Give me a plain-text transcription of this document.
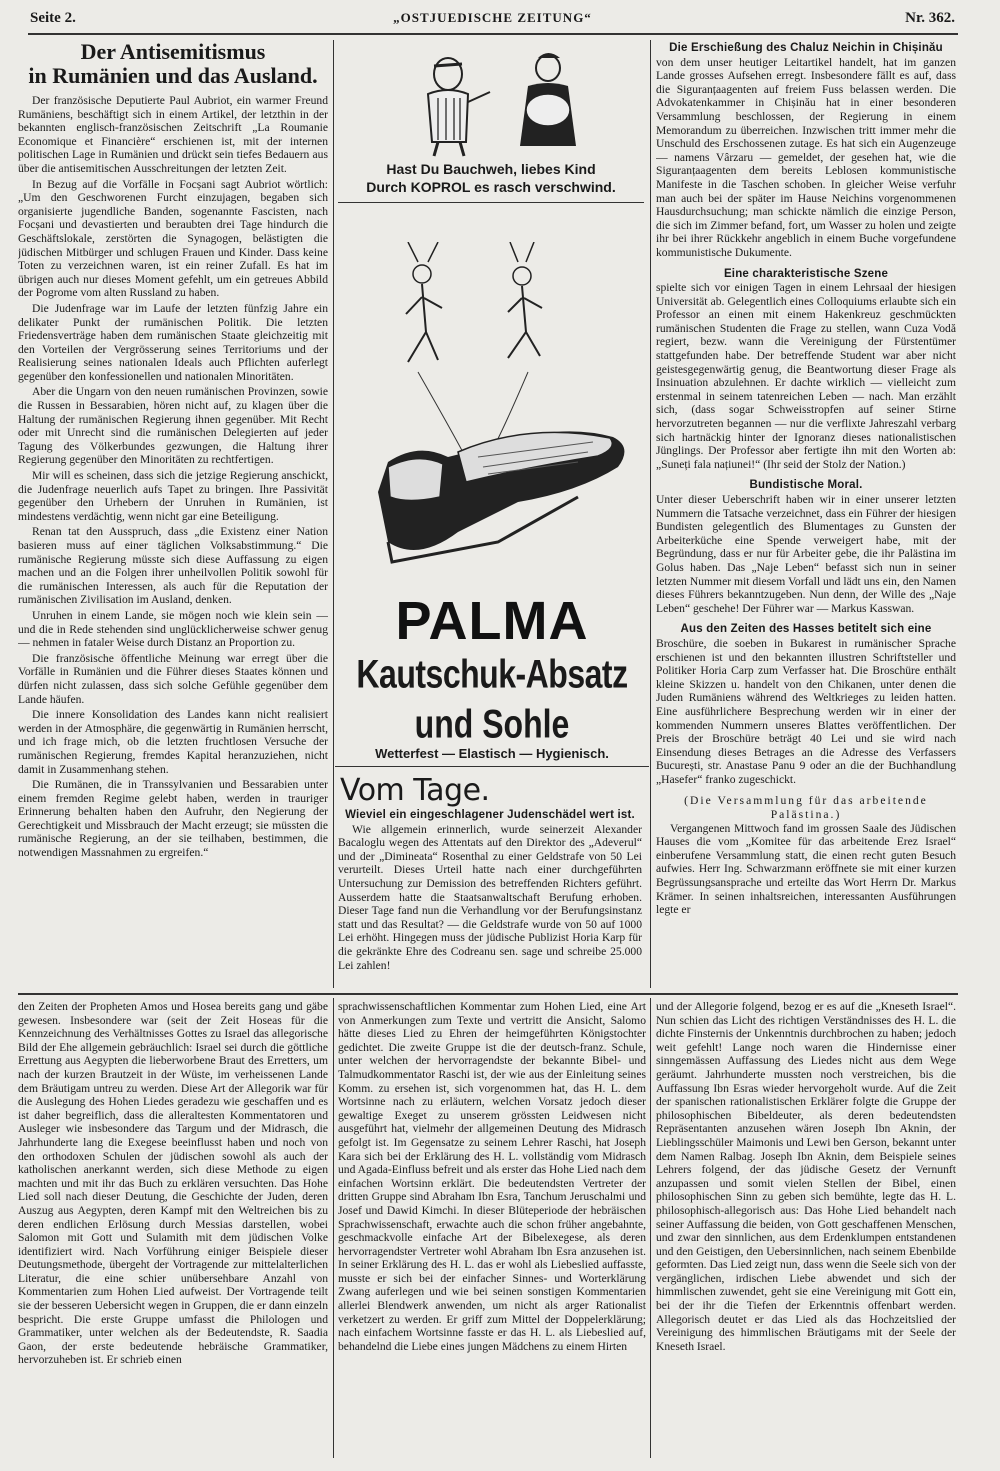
Seite 2.	„OSTJUEDISCHE ZEITUNG“	Nr. 362.
Der Antisemitismus
in Rumänien und das Ausland.

Der französische Deputierte Paul Aubriot, ein warmer Freund Rumäniens, beschäftigt sich in einem Artikel, der letzthin in der bekannten englisch-französischen Zeitschrift „La Roumanie Economique et Financière“ erschienen ist, mit der internen politischen Lage in Rumänien und drückt sein tiefes Bedauern aus über die antisemitischen Ausschreitungen der letzten Zeit.

In Bezug auf die Vorfälle in Focșani sagt Aubriot wörtlich: „Um den Geschworenen Furcht einzujagen, begaben sich organisierte jugendliche Banden, sogenannte Fascisten, nach Focșani und devastierten und beraubten drei Tage hindurch die Geschäftslokale, zerstörten die Synagogen, belästigten die jüdischen Mitbürger und schlugen Frauen und Kinder. Dass keine Toten zu verzeichnen waren, ist ein reiner Zufall. Es hat im übrigen auch nur dieses Moment gefehlt, um ein getreues Abbild der Pogrome vom alten Russland zu haben.

Die Judenfrage war im Laufe der letzten fünfzig Jahre ein delikater Punkt der rumänischen Politik. Die letzten Friedensverträge haben dem rumänischen Staate gleichzeitig mit den Vorteilen der Vergrösserung seines Territoriums und der Realisierung seines nationalen Ideals auch Pflichten auferlegt gegenüber den konfessionellen und nationalen Minoritäten.

Aber die Ungarn von den neuen rumänischen Provinzen, sowie die Russen in Bessarabien, hören nicht auf, zu klagen über die Haltung der rumänischen Regierung ihnen gegenüber. Mit Recht oder mit Unrecht sind die rumänischen Delegierten auf jeder Tagung des Völkerbundes gezwungen, die Haltung ihrer Regierung gegenüber den Minoritäten zu rechtfertigen.

Mir will es scheinen, dass sich die jetzige Regierung anschickt, die Judenfrage neuerlich aufs Tapet zu bringen. Ihre Passivität gegenüber den Urhebern der Unruhen in Rumänien, ist mindestens verdächtig, wenn nicht gar eine Beteiligung.

Renan tat den Ausspruch, dass „die Existenz einer Nation basieren muss auf einer täglichen Volksabstimmung.“ Die rumänische Regierung müsste sich diese Auffassung zu eigen machen und an die Folgen ihrer unheilvollen Politik sowohl für die rumänischen Interessen, als auch für die Reputation der rumänischen Zivilisation im Ausland, denken.

Unruhen in einem Lande, sie mögen noch wie klein sein — und die in Rede stehenden sind unglücklicherweise schwer genug — nehmen in fataler Weise durch Distanz an Proportion zu.

Die französische öffentliche Meinung war erregt über die Vorfälle in Rumänien und die Führer dieses Staates können und dürfen nicht zulassen, dass sich solche Gefühle gegenüber dem Lande häufen.

Die innere Konsolidation des Landes kann nicht realisiert werden in der Atmosphäre, die gegenwärtig in Rumänien herrscht, und ich frage mich, ob die letzten fruchtlosen Versuche der rumänischen Regierung, fremdes Kapital heranzuziehen, nicht damit in Zusammenhang stehen.

Die Rumänen, die in Transsylvanien und Bessarabien unter einem fremden Regime gelebt haben, werden in trauriger Erinnerung behalten haben den Aufruhr, den Negierung der Gerechtigkeit und Missbrauch der Macht erzeugt; sie müssten die rumänische Regierung, an der sie teilhaben, bestimmen, die notwendigen Massnahmen zu ergreifen.“

Hast Du Bauchweh, liebes Kind
Durch KOPROL es rasch verschwind.
PALMA
Kautschuk-Absatz
und Sohle
Wetterfest — Elastisch — Hygienisch.
Vom Tage.
Wieviel ein eingeschlagener Judenschädel wert ist.

Wie allgemein erinnerlich, wurde seinerzeit Alexander Bacaloglu wegen des Attentats auf den Direktor des „Adeverul“ und der „Dimineata“ Rosenthal zu einer Geldstrafe von 50 Lei verurteilt. Dieses Urteil hatte nach einer durchgeführten Untersuchung zur Demission des betreffenden Richters geführt. Ausserdem hatte die Staatsanwaltschaft Berufung erhoben. Dieser Tage fand nun die Verhandlung vor der Berufungsinstanz statt und das Resultat? — die Geldstrafe wurde von 50 auf 1000 Lei erhöht. Hingegen muss der jüdische Publizist Horia Karp für die gekränkte Ehre des Codreanu sen. sage und schreibe 25.000 Lei zahlen!

Die Erschießung des Chaluz Neichin in Chișinău

von dem unser heutiger Leitartikel handelt, hat im ganzen Lande grosses Aufsehen erregt. Insbesondere fällt es auf, dass die Siguranțaagenten auf freiem Fuss belassen werden. Die Advokatenkammer in Chișinău hat in einer besonderen Versammlung beschlossen, der Regierung in einem Memorandum zu überreichen. Inzwischen tritt immer mehr die Unschuld des Erschossenen zutage. Es hat sich ein Augenzeuge — namens Vârzaru — gemeldet, der gesehen hat, wie die Siguranțaagenten dem bereits Leblosen kommunistische Manifeste in die Taschen schoben. In gleicher Weise verfuhr man auch bei der später im Hause Neichins vorgenommenen Hausdurchsuchung; man schickte nämlich die einzige Person, die sich im Zimmer befand, fort, um Wasser zu holen und zeigte ihr bei ihrer Rückkehr angeblich in einem Buche vorgefundene kommunistische Dukumente.

Eine charakteristische Szene

spielte sich vor einigen Tagen in einem Lehrsaal der hiesigen Universität ab. Gelegentlich eines Colloquiums erlaubte sich ein Professor an einen mit einem Hakenkreuz geschmückten rumänischen Studenten die Frage zu stellen, wann Cuza Vodă regiert, bezw. wann die Vereinigung der Fürstentümer stattgefunden habe. Der betreffende Student war aber nicht geistesgegenwärtig genug, die Beantwortung dieser Frage als Insinuation abzulehnen. Er dachte wirklich — vielleicht zum erstenmal in seinem tatenreichen Leben — nach. Man erzählt sich, (dass sogar Schweisstropfen auf seiner Stirne hervorzutreten begannen — nur die verflixte Jahreszahl verbarg sich hartnäckig hinter der Ignoranz dieses nationalistischen Jünglings. Der Professor aber fertigte ihn mit den Worten ab: „Suneți fala națiunei!“ (Ihr seid der Stolz der Nation.)

Bundistische Moral.

Unter dieser Ueberschrift haben wir in einer unserer letzten Nummern die Tatsache verzeichnet, dass ein Führer der hiesigen Bundisten gelegentlich des Blumentages zu Gunsten der Arbeiterküche eine Spende verweigert habe, mit der Begründung, dass er nur für Arbeiter gebe, die ihr Palästina im Golus haben. Das „Naje Leben“ befasst sich nun in seiner letzten Nummer mit diesem Vorfall und lädt uns ein, den Namen dieses Führers bekanntzugeben. Nun denn, der Wille des „Naje Leben“ geschehe! Der Führer war — Markus Kasswan.

Aus den Zeiten des Hasses betitelt sich eine

Broschüre, die soeben in Bukarest in rumänischer Sprache erschienen ist und den bekannten illustren Schriftsteller und Politiker Horia Carp zum Verfasser hat. Die Broschüre enthält kleine Skizzen u. handelt von den Chikanen, unter denen die Juden Rumäniens während des Weltkrieges zu leiden hatten. Eine ausführlichere Besprechung werden wir in einer der kommenden Nummern unseres Blattes veröffentlichen. Der Preis der Broschüre beträgt 40 Lei und sie wird nach Einsendung dieses Betrages an die Adresse des Verfassers București, str. Anastase Panu 9 oder an die der Buchhandlung „Hasefer“ franko zugeschickt.

(Die Versammlung für das arbeitende Palästina.)

Vergangenen Mittwoch fand im grossen Saale des Jüdischen Hauses die vom „Komitee für das arbeitende Erez Israel“ einberufene Versammlung statt, die einen recht guten Besuch aufwies. Herr Ing. Schwarzmann eröffnete sie mit einer kurzen Begrüssungsansprache und erteilte das Wort Herrn Dr. Markus Krämer. In seinen inhaltsreichen, interessanten Ausführungen legte er

den Zeiten der Propheten Amos und Hosea bereits gang und gäbe gewesen. Insbesondere war (seit der Zeit Hoseas für die Kennzeichnung des Verhältnisses Gottes zu Israel das allegorische Bild der Ehe allgemein gebräuchlich: Israel sei durch die göttliche Errettung aus Aegypten die lieberworbene Braut des Erretters, um nach der kurzen Brautzeit in der Wüste, im verheissenen Lande dem Bräutigam untreu zu werden. Diese Art der Allegorik war für die Auslegung des Hohen Liedes geradezu wie geschaffen und es ist daher begreiflich, dass die alleraltesten Kommentatoren und Ausleger wie insbesondere das Targum und der Midrasch, die Jahrhunderte lang die Exegese beeinflusst haben und noch von den orthodoxen Schulen der jüdischen sowohl als auch der katholischen anerkannt werden, sich diese Methode zu eigen machten und mit ihr das Buch zu erklären versuchten. Das Hohe Lied soll nach dieser Deutung, die Geschichte der Juden, deren Auszug aus Aegypten, deren Kampf mit den Weltreichen bis zu deren endlichen Erlösung durch Messias darstellen, wobei Salomon mit Gott und Sulamith mit dem jüdischen Volke identifiziert wird. Nach Vorführung einiger Beispiele dieser Deutungsmethode, übergeht der Vortragende zur mittelalterlichen Literatur, die eine schier unübersehbare Anzahl von Kommentarien zum Hohen Lied aufweist. Der Vortragende teilt sie der besseren Uebersicht wegen in Gruppen, die er dann einzeln bespricht. Die erste Gruppe umfasst die Philologen und Grammatiker, unter welchen als der Bedeutendste, R. Saadia Gaon, der erste bedeutende hebräische Grammatiker, hervorzuheben ist. Er schrieb einen

sprachwissenschaftlichen Kommentar zum Hohen Lied, eine Art von Anmerkungen zum Texte und vertritt die Ansicht, Salomo hätte dieses Lied zu Ehren der heimgeführten Königstochter gedichtet. Die zweite Gruppe ist die der deutsch-franz. Schule, unter welchen der hervorragendste der bekannte Bibel- und Talmudkommentator Raschi ist, der wie aus der Einleitung seines Komm. zu ersehen ist, sich vorgenommen hat, das H. L. dem Wortsinne nach zu erläutern, welchen Vorsatz jedoch dieser gewaltige Exeget zu unserem grössten Leidwesen nicht ausgeführt hat, vielmehr der allgemeinen Deutung des Midrasch gefolgt ist. Im Gegensatze zu seinem Lehrer Raschi, hat Joseph Kara sich bei der Erklärung des H. L. vollständig vom Midrasch und Agada-Einfluss befreit und als erster das Hohe Lied nach dem einfachen Wortsinn erklärt. Die bedeutendsten Vertreter der dritten Gruppe sind Abraham Ibn Esra, Tanchum Jeruschalmi und Josef und Dawid Kimchi. In dieser Blüteperiode der hebräischen Sprachwissenschaft, erwachte auch die schon früher angebahnte, geschmackvolle einfache Art der Bibelexegese, als deren hervorragendster Vertreter wohl Abraham Ibn Esra anzusehen ist. In seiner Erklärung des H. L. das er wohl als Liebeslied auffasste, musste er sich bei der einfacher Sinnes- und Worterklärung Zwang auferlegen und wie bei seinen sonstigen Kommentarien allerlei Blendwerk anwenden, um nicht als arger Rationalist verketzert zu werden. Er griff zum Mittel der Doppelerklärung; nach einfachem Wortsinne fasste er das H. L. als Liebeslied auf, behandelnd die Liebe eines jungen Mädchens zu einem Hirten

und der Allegorie folgend, bezog er es auf die „Kneseth Israel“. Nun schien das Licht des richtigen Verständnisses des H. L. die dichte Finsternis der Unkenntnis durchbrochen zu haben; jedoch weit gefehlt! Lange noch waren die Hindernisse einer sinngemässen Auffassung des Liedes nicht aus dem Wege geräumt. Jahrhunderte mussten noch verstreichen, bis die Auffassung Ibn Esras wieder hervorgeholt wurde. Auf die Zeit der spanischen rationalistischen Erklärer folgte die Gruppe der philosophischen Bibeldeuter, als deren bedeutendsten Repräsentanten anzusehen wären Joseph Ibn Aknin, der Lieblingsschüler Maimonis und Lewi ben Gerson, bekannt unter dem Namen Ralbag. Joseph Ibn Aknin, dem Beispiele seines Lehrers folgend, der das jüdische Gesetz der Vernunft anzupassen und somit vielen Stellen der Bibel, einen philosophischen Sinn zu geben sich bemühte, legte das H. L. philosophisch-allegorisch aus: Das Hohe Lied behandelt nach seiner Auffassung die beiden, von Gott geschaffenen Menschen, und zwar den sinnlichen, aus dem Erdenklumpen entstandenen und den Geistigen, den Uebersinnlichen, nach seinem Ebenbilde geformten. Das Lied zeigt nun, dass wenn die Seele sich von der vergänglichen, irdischen Liebe abwendet und sich der himmlischen zuwendet, geht sie eine Vereinigung mit Gott ein, bei der ihr die Tiefen der Erkenntnis offenbart werden. Allegorisch deutet er das Lied als das Hochzeitslied der Vereinigung des himmlischen Bräutigams mit der Seele der Kneseth Israel.
